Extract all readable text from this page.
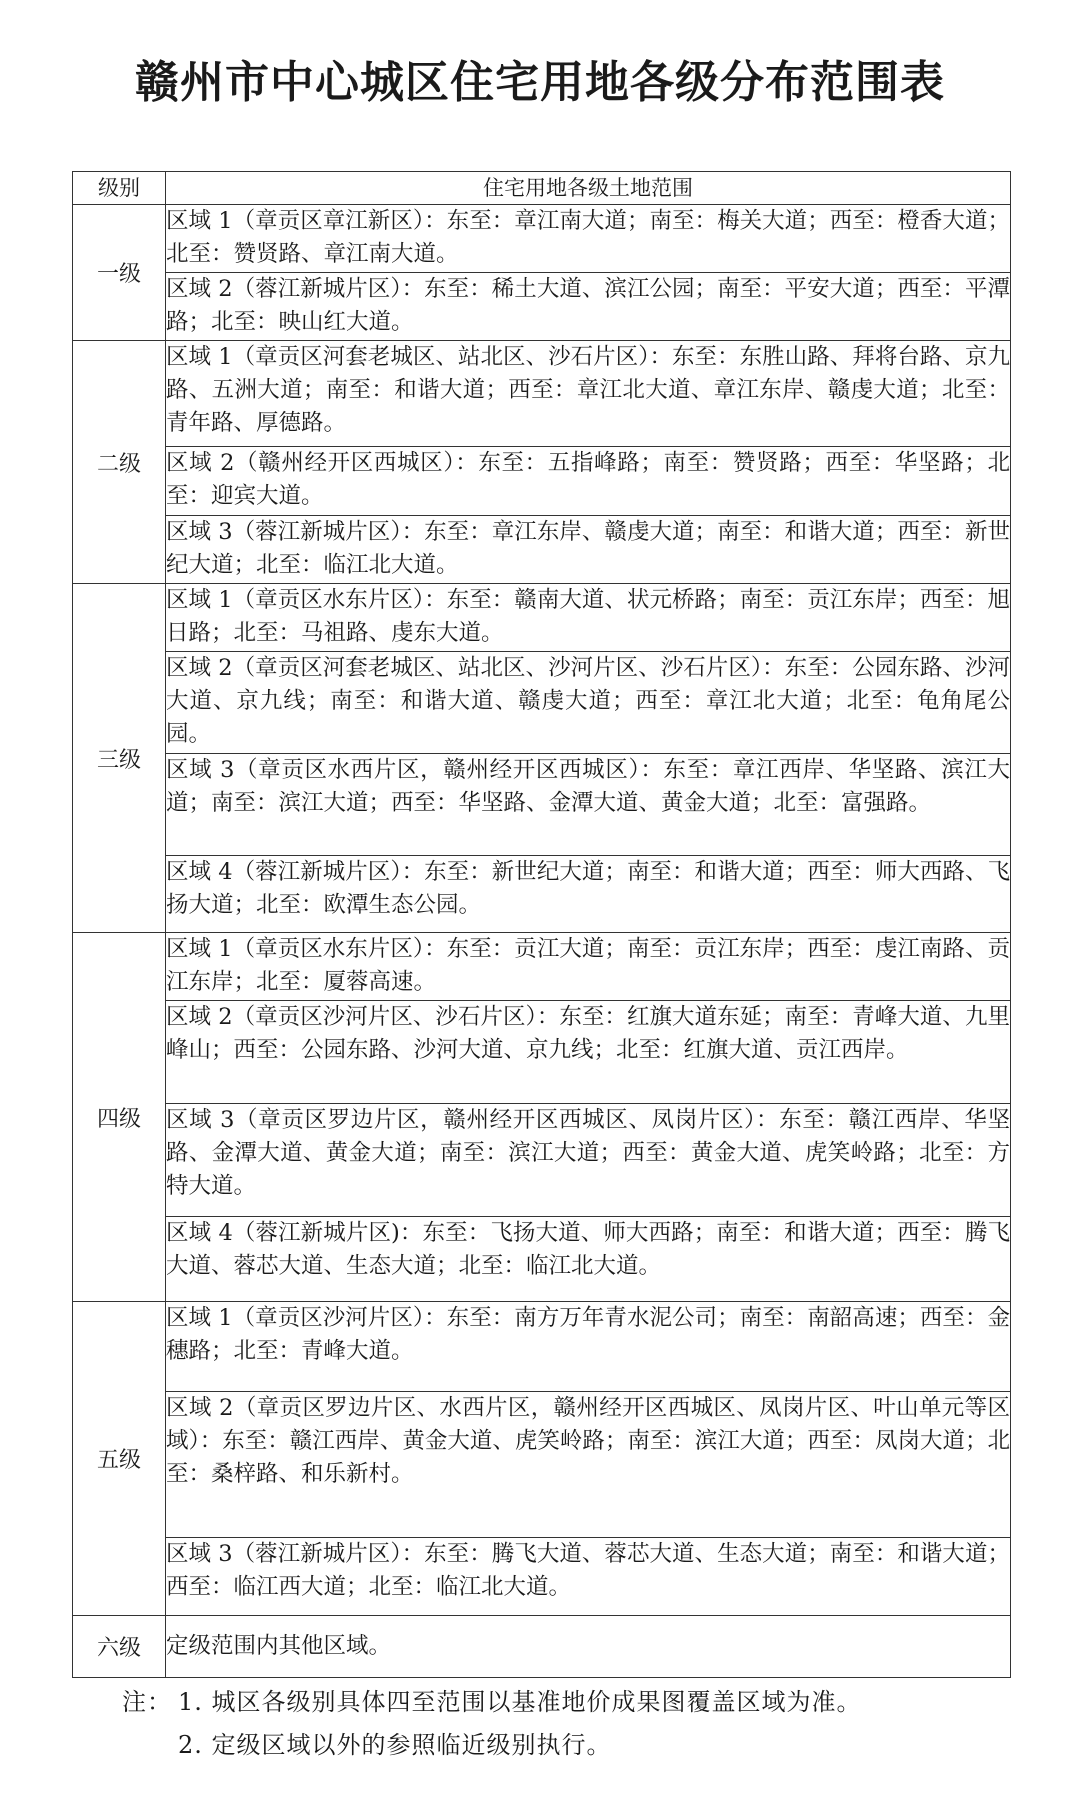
赣州市中心城区住宅用地各级分布范围表
级别	住宅用地各级土地范围
一级	区域 1（章贡区章江新区）：东至：章江南大道；南至：梅关大道；西至：橙香大道；北至：赞贤路、章江南大道。
	区域 2（蓉江新城片区）：东至：稀土大道、滨江公园；南至：平安大道；西至：平潭路；北至：映山红大道。
二级	区域 1（章贡区河套老城区、站北区、沙石片区）：东至：东胜山路、拜将台路、京九路、五洲大道；南至：和谐大道；西至：章江北大道、章江东岸、赣虔大道；北至：青年路、厚德路。
	区域 2（赣州经开区西城区）：东至：五指峰路；南至：赞贤路；西至：华坚路；北至：迎宾大道。
	区域 3（蓉江新城片区）：东至：章江东岸、赣虔大道；南至：和谐大道；西至：新世纪大道；北至：临江北大道。
三级	区域 1（章贡区水东片区）：东至：赣南大道、状元桥路；南至：贡江东岸；西至：旭日路；北至：马祖路、虔东大道。
	区域 2（章贡区河套老城区、站北区、沙河片区、沙石片区）：东至：公园东路、沙河大道、京九线；南至：和谐大道、赣虔大道；西至：章江北大道；北至：龟角尾公园。
	区域 3（章贡区水西片区，赣州经开区西城区）：东至：章江西岸、华坚路、滨江大道；南至：滨江大道；西至：华坚路、金潭大道、黄金大道；北至：富强路。
	区域 4（蓉江新城片区）：东至：新世纪大道；南至：和谐大道；西至：师大西路、飞扬大道；北至：欧潭生态公园。
四级	区域 1（章贡区水东片区）：东至：贡江大道；南至：贡江东岸；西至：虔江南路、贡江东岸；北至：厦蓉高速。
	区域 2（章贡区沙河片区、沙石片区）：东至：红旗大道东延；南至：青峰大道、九里峰山；西至：公园东路、沙河大道、京九线；北至：红旗大道、贡江西岸。
	区域 3（章贡区罗边片区，赣州经开区西城区、凤岗片区）：东至：赣江西岸、华坚路、金潭大道、黄金大道；南至：滨江大道；西至：黄金大道、虎笑岭路；北至：方特大道。
	区域 4（蓉江新城片区)：东至：飞扬大道、师大西路；南至：和谐大道；西至：腾飞大道、蓉芯大道、生态大道；北至：临江北大道。
五级	区域 1（章贡区沙河片区）：东至：南方万年青水泥公司；南至：南韶高速；西至：金穗路；北至：青峰大道。
	区域 2（章贡区罗边片区、水西片区，赣州经开区西城区、凤岗片区、叶山单元等区域）：东至：赣江西岸、黄金大道、虎笑岭路；南至：滨江大道；西至：凤岗大道；北至：桑梓路、和乐新村。
	区域 3（蓉江新城片区）：东至：腾飞大道、蓉芯大道、生态大道；南至：和谐大道；西至：临江西大道；北至：临江北大道。
六级	定级范围内其他区域。
注： 1. 城区各级别具体四至范围以基准地价成果图覆盖区域为准。
2. 定级区域以外的参照临近级别执行。
